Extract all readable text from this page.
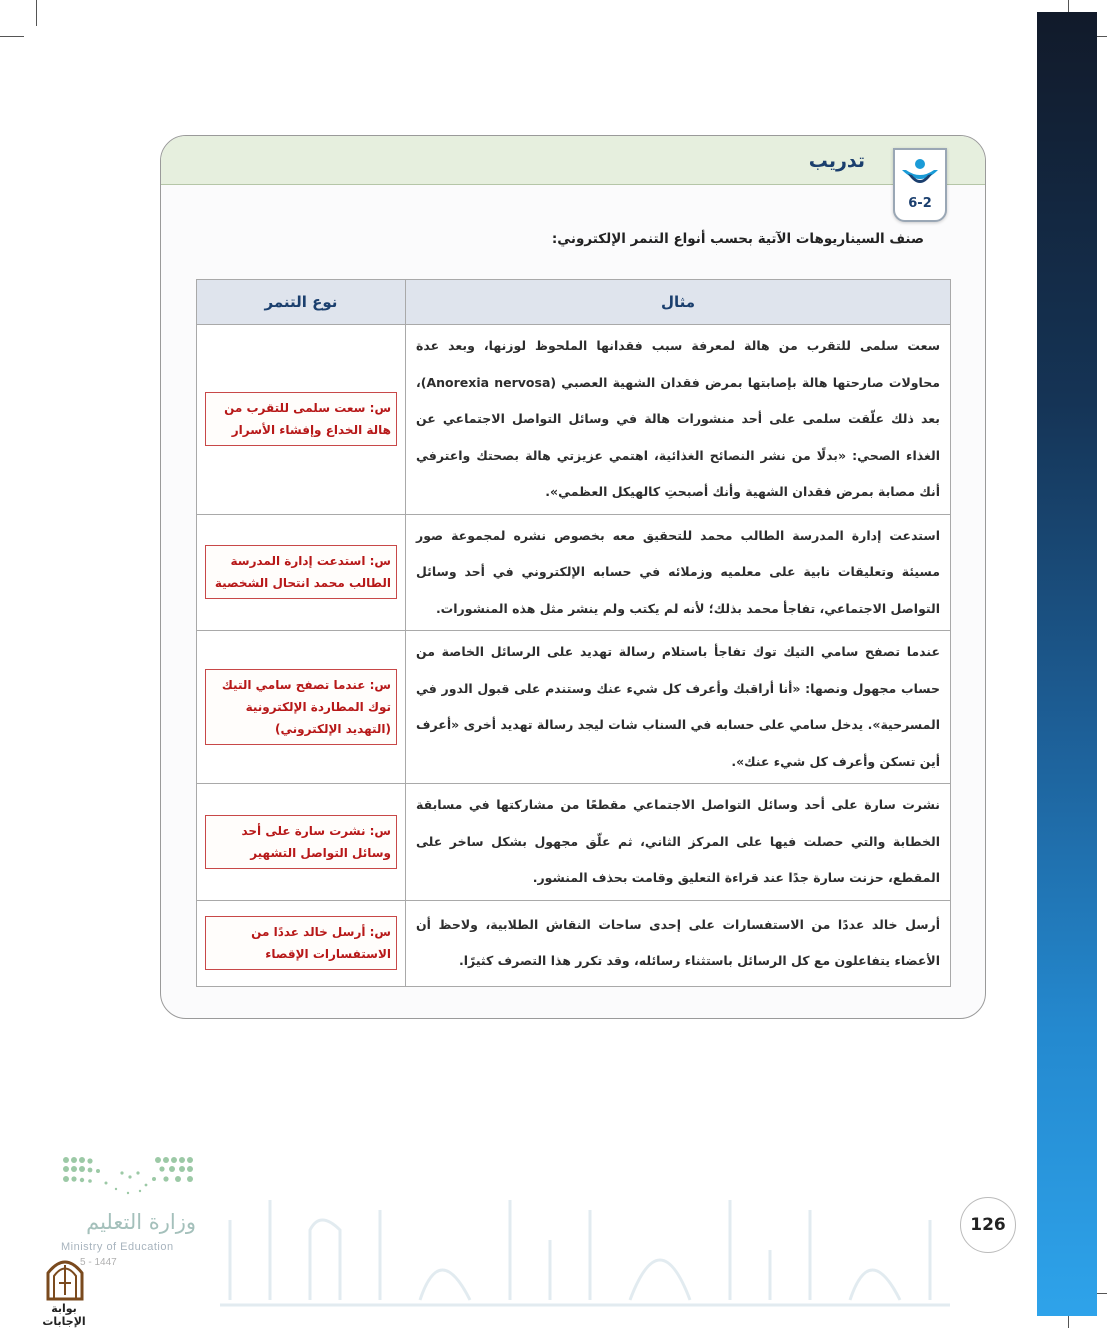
تدريب
6-2
صنف السيناريوهات الآتية بحسب أنواع التنمر الإلكتروني:
مثال	نوع التنمر
سعت سلمى للتقرب من هالة لمعرفة سبب فقدانها الملحوظ لوزنها، وبعد عدة محاولات صارحتها هالة بإصابتها بمرض فقدان الشهية العصبي (Anorexia nervosa)، بعد ذلك علّقت سلمى على أحد منشورات هالة في وسائل التواصل الاجتماعي عن الغذاء الصحي: «بدلًا من نشر النصائح الغذائية، اهتمي عزيزتي هالة بصحتك واعترفي أنك مصابة بمرض فقدان الشهية وأنك أصبحتِ كالهيكل العظمي».	س: سعت سلمى للتقرب من هالة الخداع وإفشاء الأسرار

استدعت إدارة المدرسة الطالب محمد للتحقيق معه بخصوص نشره لمجموعة صور مسيئة وتعليقات نابية على معلميه وزملائه في حسابه الإلكتروني في أحد وسائل التواصل الاجتماعي، تفاجأ محمد بذلك؛ لأنه لم يكتب ولم ينشر مثل هذه المنشورات.	س: استدعت إدارة المدرسة الطالب محمد انتحال الشخصية

عندما تصفح سامي التيك توك تفاجأ باستلام رسالة تهديد على الرسائل الخاصة من حساب مجهول ونصها: «أنا أراقبك وأعرف كل شيء عنك وستندم على قبول الدور في المسرحية». يدخل سامي على حسابه في السناب شات ليجد رسالة تهديد أخرى «أعرف أين تسكن وأعرف كل شيء عنك».	س: عندما تصفح سامي التيك توك المطاردة الإلكترونية (التهديد الإلكتروني)

نشرت سارة على أحد وسائل التواصل الاجتماعي مقطعًا من مشاركتها في مسابقة الخطابة والتي حصلت فيها على المركز الثاني، ثم علّق مجهول بشكل ساخر على المقطع، حزنت سارة جدًا عند قراءة التعليق وقامت بحذف المنشور.	س: نشرت سارة على أحد وسائل التواصل التشهير

أرسل خالد عددًا من الاستفسارات على إحدى ساحات النقاش الطلابية، ولاحظ أن الأعضاء يتفاعلون مع كل الرسائل باستثناء رسائله، وقد تكرر هذا التصرف كثيرًا.	س: أرسل خالد عددًا من الاستفسارات الإقصاء
126
وزارة التعليم
Ministry of Education
5 - 1447
بوابة الإجابات
